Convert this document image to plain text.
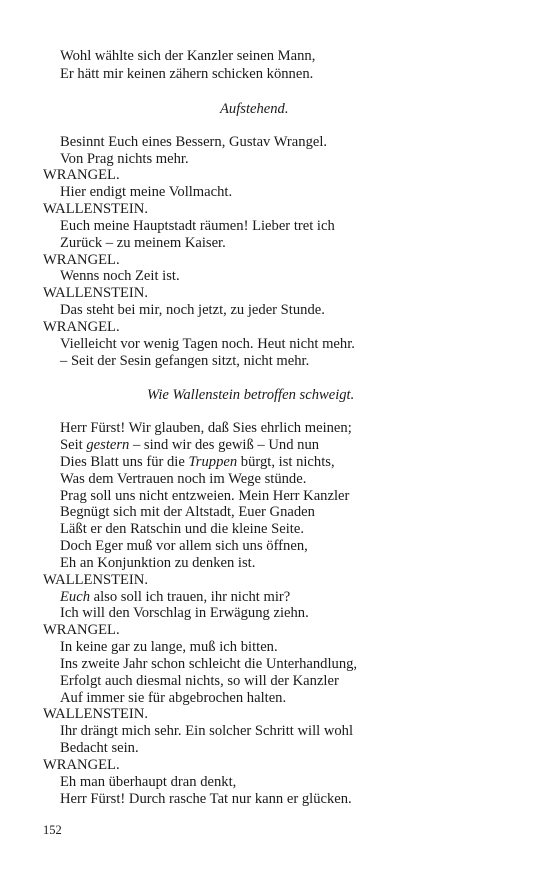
Wohl wählte sich der Kanzler seinen Mann,
Er hätt mir keinen zähern schicken können.
Aufstehend.
Besinnt Euch eines Bessern, Gustav Wrangel.
Von Prag nichts mehr.
WRANGEL.
Hier endigt meine Vollmacht.
WALLENSTEIN.
Euch meine Hauptstadt räumen! Lieber tret ich
Zurück – zu meinem Kaiser.
WRANGEL.
Wenns noch Zeit ist.
WALLENSTEIN.
Das steht bei mir, noch jetzt, zu jeder Stunde.
WRANGEL.
Vielleicht vor wenig Tagen noch. Heut nicht mehr.
– Seit der Sesin gefangen sitzt, nicht mehr.
Wie Wallenstein betroffen schweigt.
Herr Fürst! Wir glauben, daß Sies ehrlich meinen;
Seit gestern – sind wir des gewiß – Und nun
Dies Blatt uns für die Truppen bürgt, ist nichts,
Was dem Vertrauen noch im Wege stünde.
Prag soll uns nicht entzweien. Mein Herr Kanzler
Begnügt sich mit der Altstadt, Euer Gnaden
Läßt er den Ratschin und die kleine Seite.
Doch Eger muß vor allem sich uns öffnen,
Eh an Konjunktion zu denken ist.
WALLENSTEIN.
Euch also soll ich trauen, ihr nicht mir?
Ich will den Vorschlag in Erwägung ziehn.
WRANGEL.
In keine gar zu lange, muß ich bitten.
Ins zweite Jahr schon schleicht die Unterhandlung,
Erfolgt auch diesmal nichts, so will der Kanzler
Auf immer sie für abgebrochen halten.
WALLENSTEIN.
Ihr drängt mich sehr. Ein solcher Schritt will wohl
Bedacht sein.
WRANGEL.
Eh man überhaupt dran denkt,
Herr Fürst! Durch rasche Tat nur kann er glücken.
152
